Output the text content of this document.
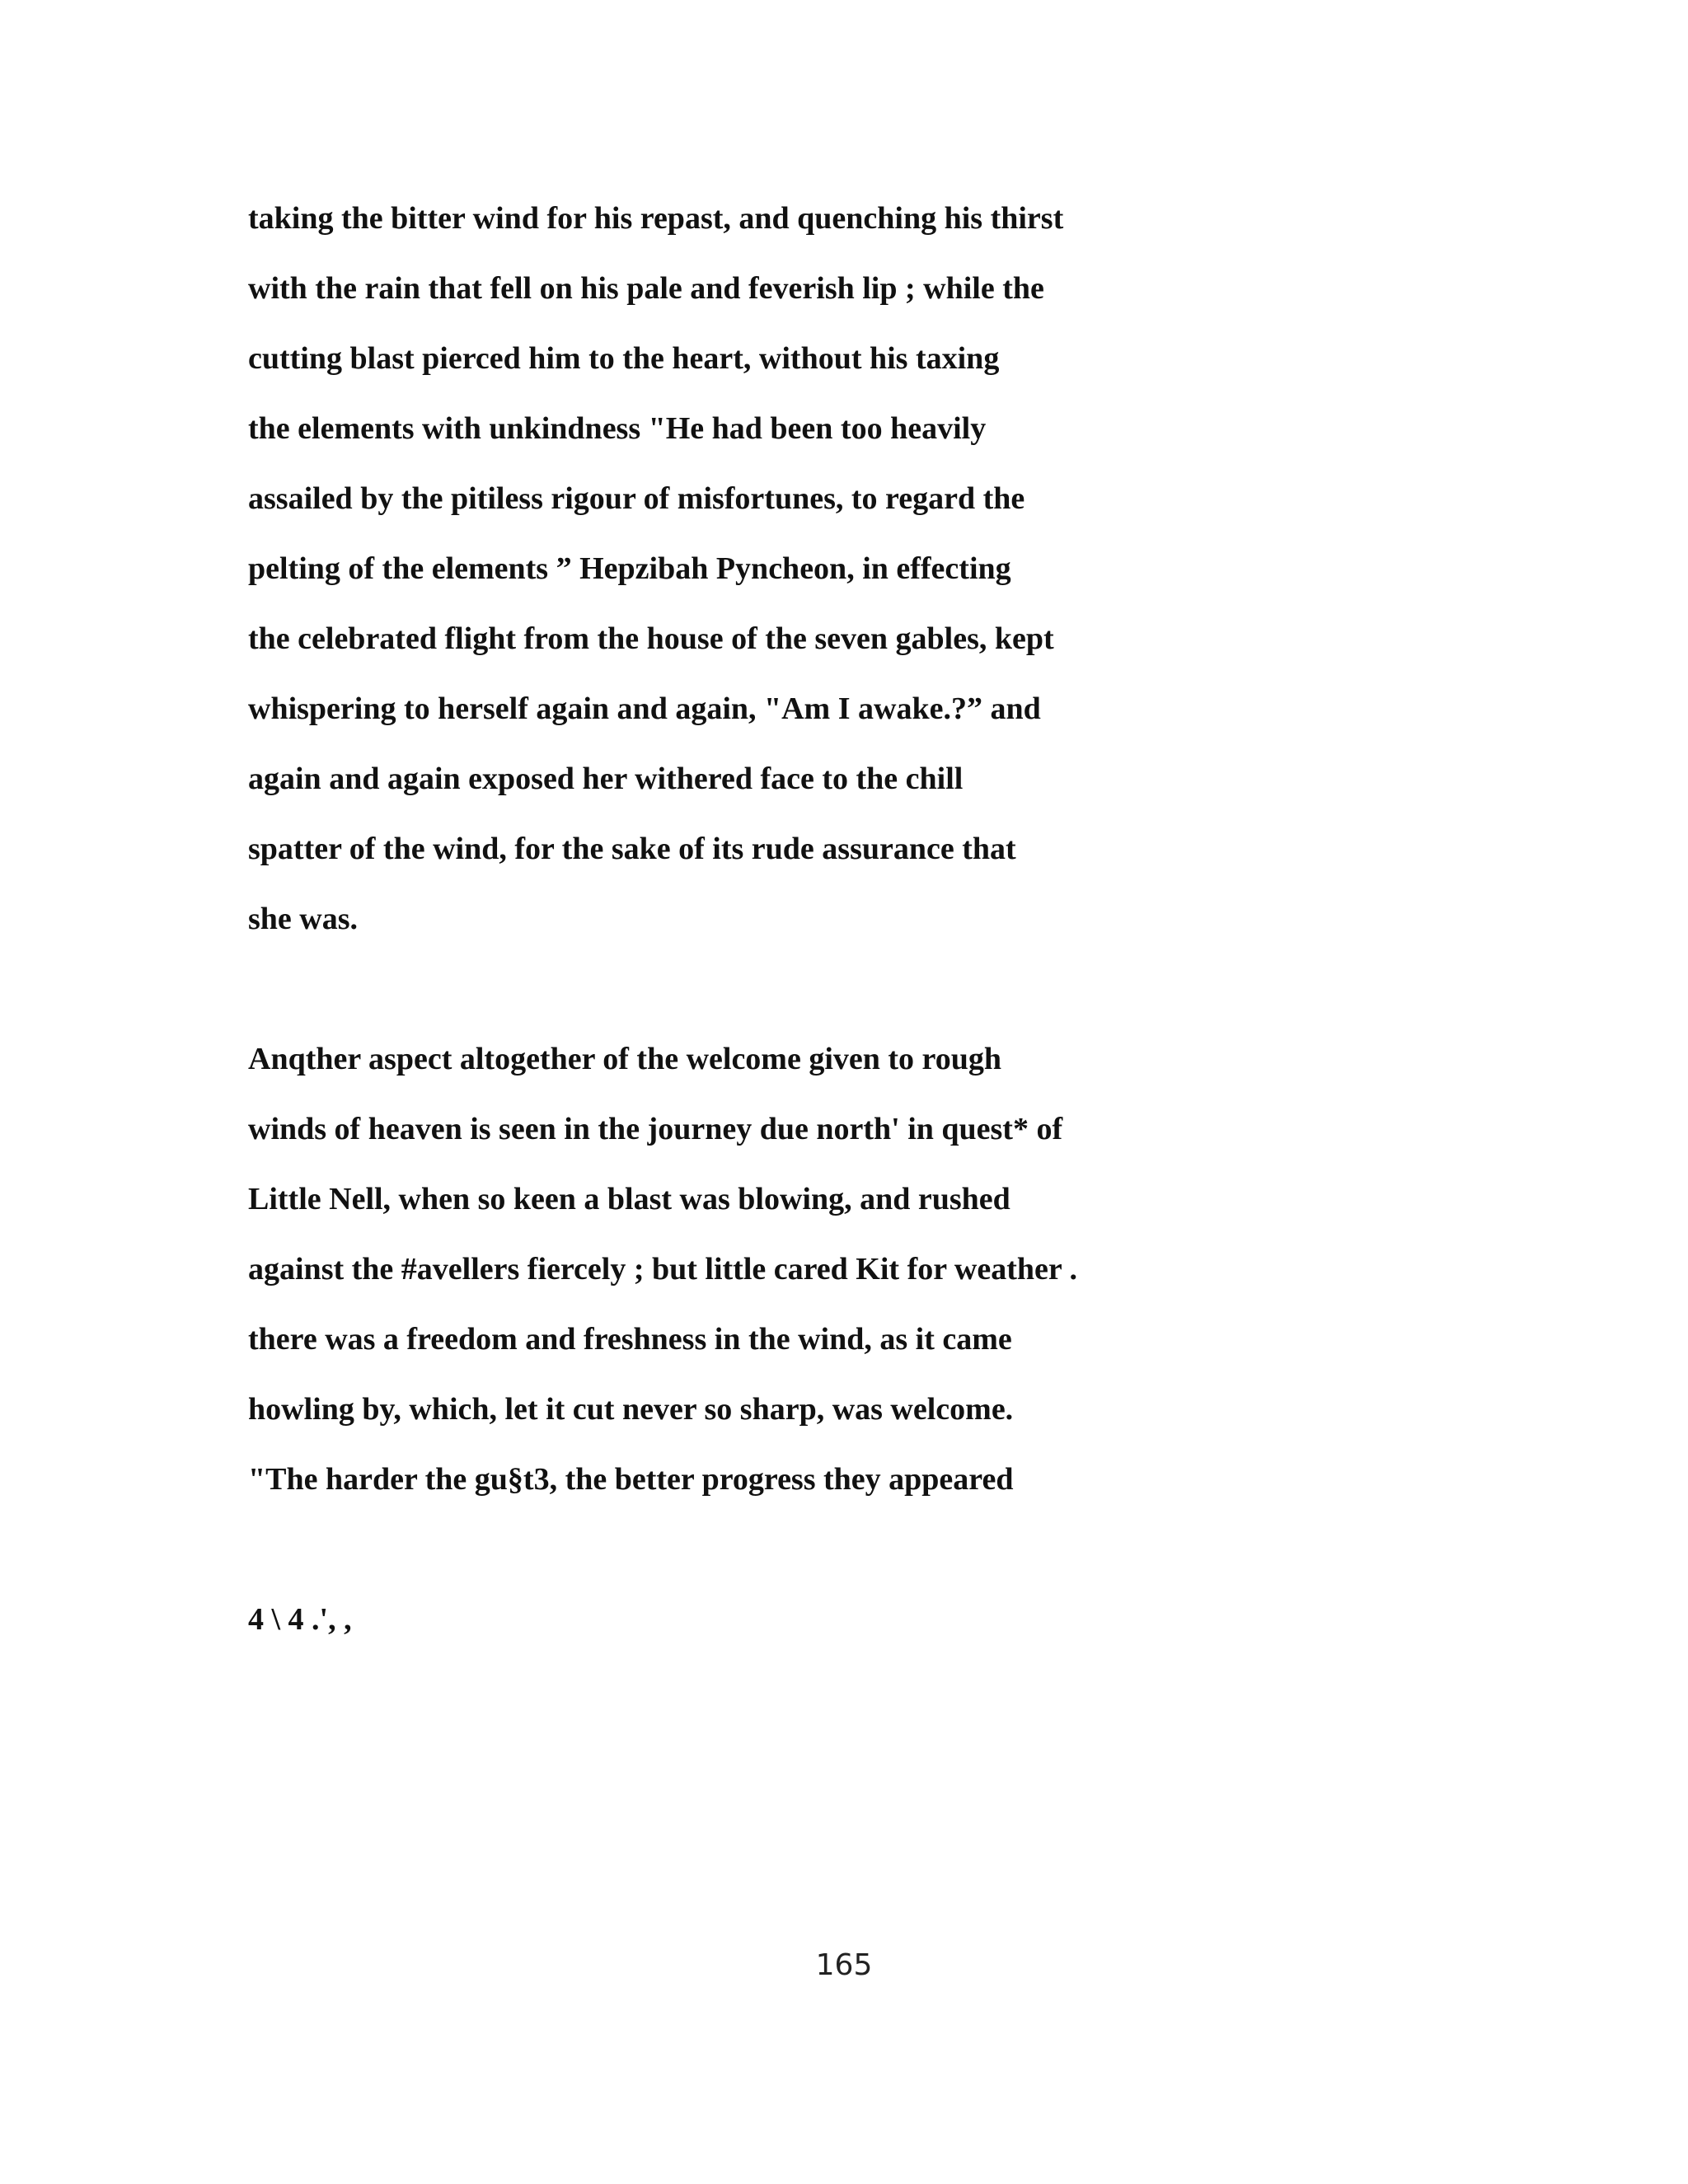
taking the bitter wind for his repast, and quenching his thirst
with the rain that fell on his pale and feverish lip ; while the
cutting blast pierced him to the heart, without his taxing
the elements with unkindness "He had been too heavily
assailed by the pitiless rigour of misfortunes, to regard the
pelting of the elements ” Hepzibah Pyncheon, in effecting
the celebrated flight from the house of the seven gables, kept
whispering to herself again and again, "Am I awake.?” and
again and again exposed her withered face to the chill
spatter of the wind, for the sake of its rude assurance that
she was.
Anqther aspect altogether of the welcome given to rough
winds of heaven is seen in the journey due north' in quest* of
Little Nell, when so keen a blast was blowing, and rushed
against the #avellers fiercely ; but little cared Kit for weather .
there was a freedom and freshness in the wind, as it came
howling by, which, let it cut never so sharp, was welcome.
"The harder the gu§t3, the better progress they appeared
4 \ 4 .', ,
165
